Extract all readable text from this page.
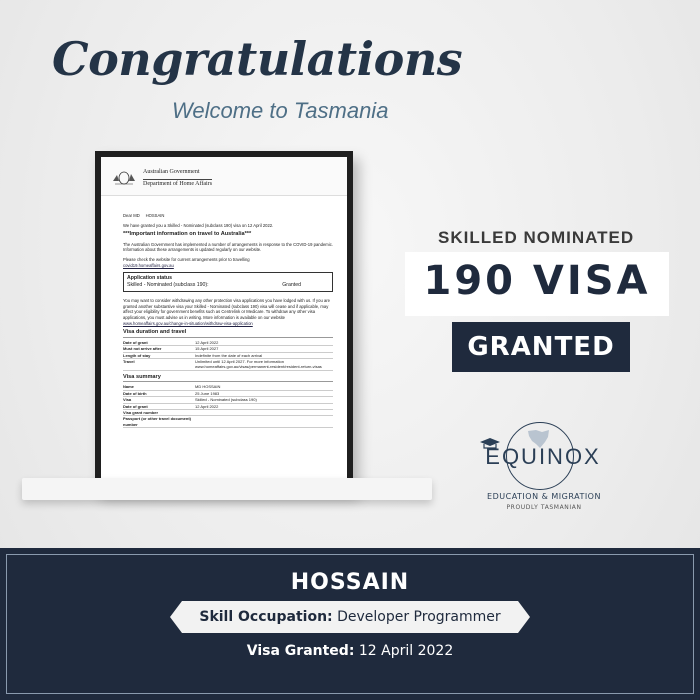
Congratulations
Welcome to Tasmania
Australian Government
Department of Home Affairs

Dear MD HOSSAIN

We have granted you a Skilled - Nominated (subclass 190) visa on 12 April 2022.

***Important information on travel to Australia***

The Australian Government has implemented a number of arrangements in response to the COVID-19 pandemic. Information about these arrangements is updated regularly on our website.

Please check the website for current arrangements prior to travelling
covid19.homeaffairs.gov.au

Application status
Skilled - Nominated (subclass 190):	Granted

You may want to consider withdrawing any other protection visa applications you have lodged with us. If you are granted another substantive visa your Skilled - Nominated (subclass 190) visa will cease and if applicable, may affect your eligibility for government benefits such as Centrelink or Medicare. To withdraw any other visa applications, you must advise us in writing. More information is available on our website www.homeaffairs.gov.au/change-in-situation/withdraw-visa-application

Visa duration and travel
Date of grant	12 April 2022
Must not arrive after	15 April 2027
Length of stay	Indefinite from the date of each arrival
Travel	Unlimited until 12 April 2027. For more information www.homeaffairs.gov.au/visas/permanent-resident/resident-return-visas
Visa summary
Name	MD HOSSAIN
Date of birth	25 June 1983
Visa	Skilled - Nominated (subclass 190)
Date of grant	12 April 2022
Visa grant number
Passport (or other travel document) number
SKILLED NOMINATED
190 VISA
GRANTED
EQUINOX
EDUCATION & MIGRATION
PROUDLY TASMANIAN
HOSSAIN
Skill Occupation: Developer Programmer
Visa Granted: 12 April 2022
